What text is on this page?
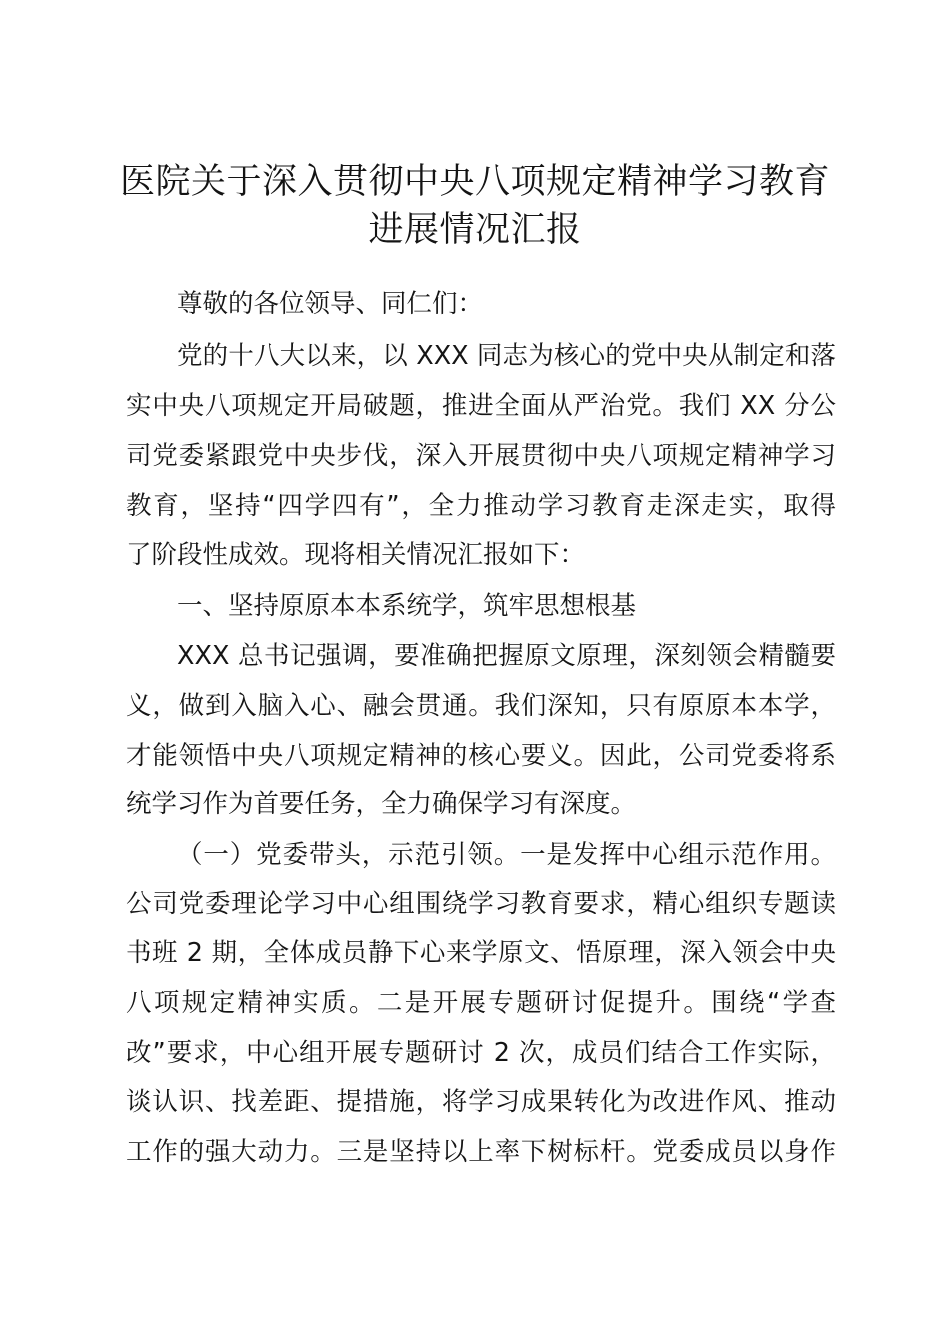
医院关于深入贯彻中央八项规定精神学习教育
进展情况汇报
尊敬的各位领导、同仁们：
党的十八大以来，以 XXX 同志为核心的党中央从制定和落
实中央八项规定开局破题，推进全面从严治党。我们 XX 分公
司党委紧跟党中央步伐，深入开展贯彻中央八项规定精神学习
教育，坚持“四学四有”，全力推动学习教育走深走实，取得
了阶段性成效。现将相关情况汇报如下：
一、坚持原原本本系统学，筑牢思想根基
XXX 总书记强调，要准确把握原文原理，深刻领会精髓要
义，做到入脑入心、融会贯通。我们深知，只有原原本本学，
才能领悟中央八项规定精神的核心要义。因此，公司党委将系
统学习作为首要任务，全力确保学习有深度。
（一）党委带头，示范引领。一是发挥中心组示范作用。
公司党委理论学习中心组围绕学习教育要求，精心组织专题读
书班 2 期，全体成员静下心来学原文、悟原理，深入领会中央
八项规定精神实质。二是开展专题研讨促提升。围绕“学查
改”要求，中心组开展专题研讨 2 次，成员们结合工作实际，
谈认识、找差距、提措施，将学习成果转化为改进作风、推动
工作的强大动力。三是坚持以上率下树标杆。党委成员以身作
